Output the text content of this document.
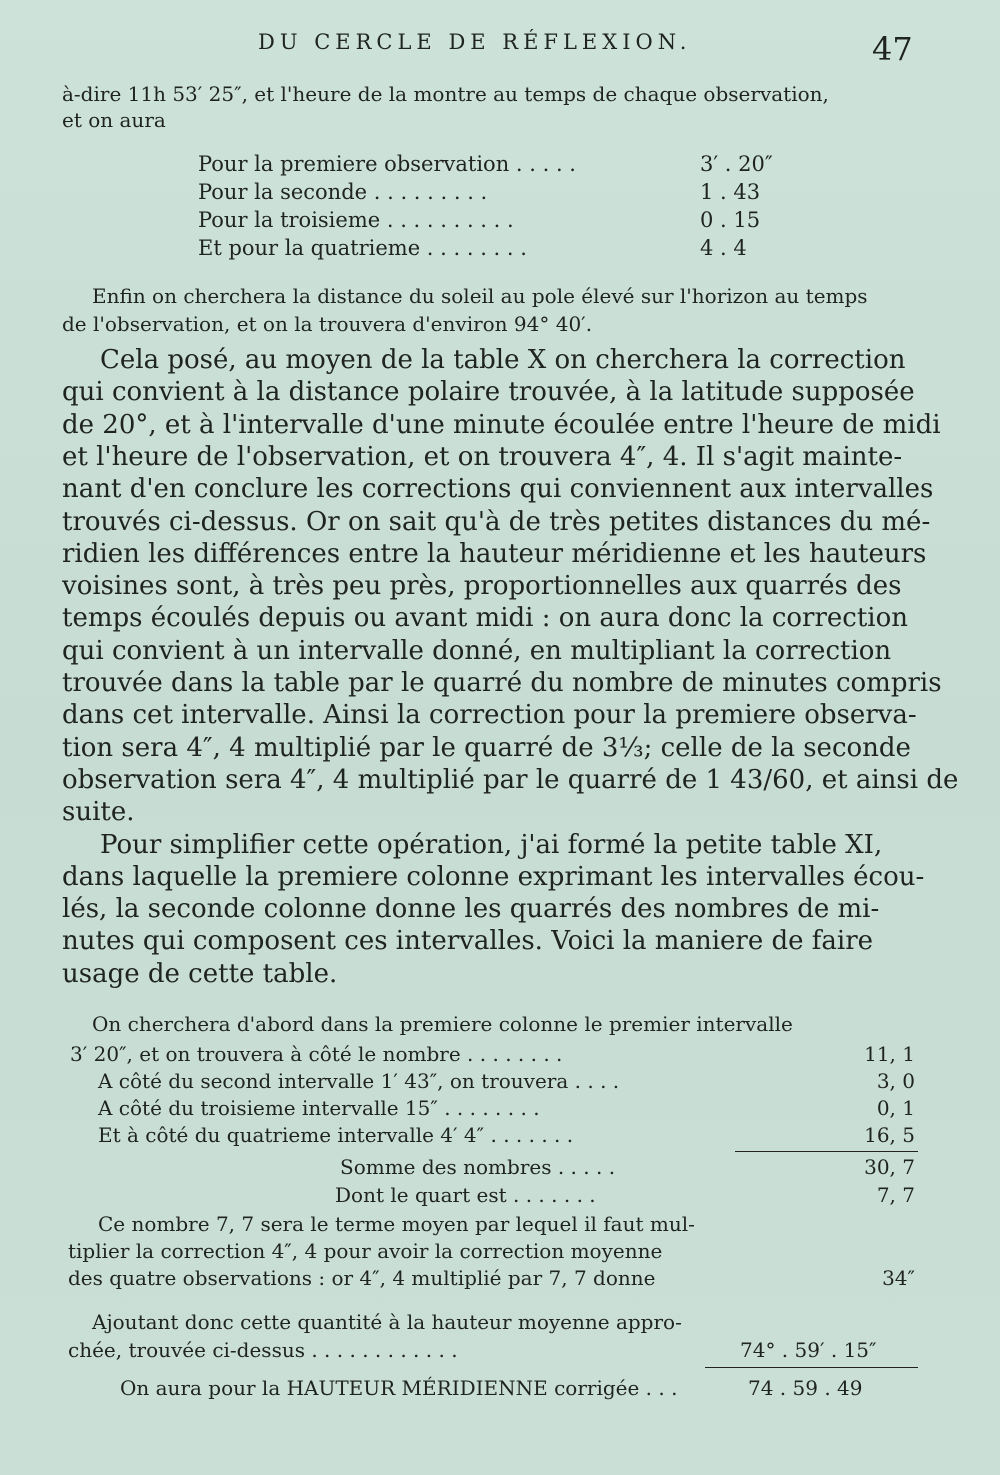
DU CERCLE DE RÉFLEXION.	47
à-dire 11h 53′ 25″, et l'heure de la montre au temps de chaque observation,
et on aura
Pour la premiere observation . . . . .	3′ . 20″
Pour la seconde . . . . . . . . .	1 . 43
Pour la troisieme . . . . . . . . . .	0 . 15
Et pour la quatrieme . . . . . . . .	4 . 4
Enfin on cherchera la distance du soleil au pole élevé sur l'horizon au temps
de l'observation, et on la trouvera d'environ 94° 40′.
Cela posé, au moyen de la table X on cherchera la correction
qui convient à la distance polaire trouvée, à la latitude supposée
de 20°, et à l'intervalle d'une minute écoulée entre l'heure de midi
et l'heure de l'observation, et on trouvera 4″, 4. Il s'agit mainte-
nant d'en conclure les corrections qui conviennent aux intervalles
trouvés ci-dessus. Or on sait qu'à de très petites distances du mé-
ridien les différences entre la hauteur méridienne et les hauteurs
voisines sont, à très peu près, proportionnelles aux quarrés des
temps écoulés depuis ou avant midi : on aura donc la correction
qui convient à un intervalle donné, en multipliant la correction
trouvée dans la table par le quarré du nombre de minutes compris
dans cet intervalle. Ainsi la correction pour la premiere observa-
tion sera 4″, 4 multiplié par le quarré de 3⅓; celle de la seconde
observation sera 4″, 4 multiplié par le quarré de 1 43/60, et ainsi de
suite.
Pour simplifier cette opération, j'ai formé la petite table XI,
dans laquelle la premiere colonne exprimant les intervalles écou-
lés, la seconde colonne donne les quarrés des nombres de mi-
nutes qui composent ces intervalles. Voici la maniere de faire
usage de cette table.
On cherchera d'abord dans la premiere colonne le premier intervalle
3′ 20″, et on trouvera à côté le nombre . . . . . . . .	11, 1
A côté du second intervalle 1′ 43″, on trouvera . . . .	3, 0
A côté du troisieme intervalle 15″ . . . . . . . .	0, 1
Et à côté du quatrieme intervalle 4′ 4″ . . . . . . .	16, 5
Somme des nombres . . . . .	30, 7
Dont le quart est . . . . . . .	7, 7
Ce nombre 7, 7 sera le terme moyen par lequel il faut mul-
tiplier la correction 4″, 4 pour avoir la correction moyenne
des quatre observations : or 4″, 4 multiplié par 7, 7 donne	34″
Ajoutant donc cette quantité à la hauteur moyenne appro-
chée, trouvée ci-dessus . . . . . . . . . . . .	74° . 59′ . 15″
On aura pour la HAUTEUR MÉRIDIENNE corrigée . . .	74 . 59 . 49
